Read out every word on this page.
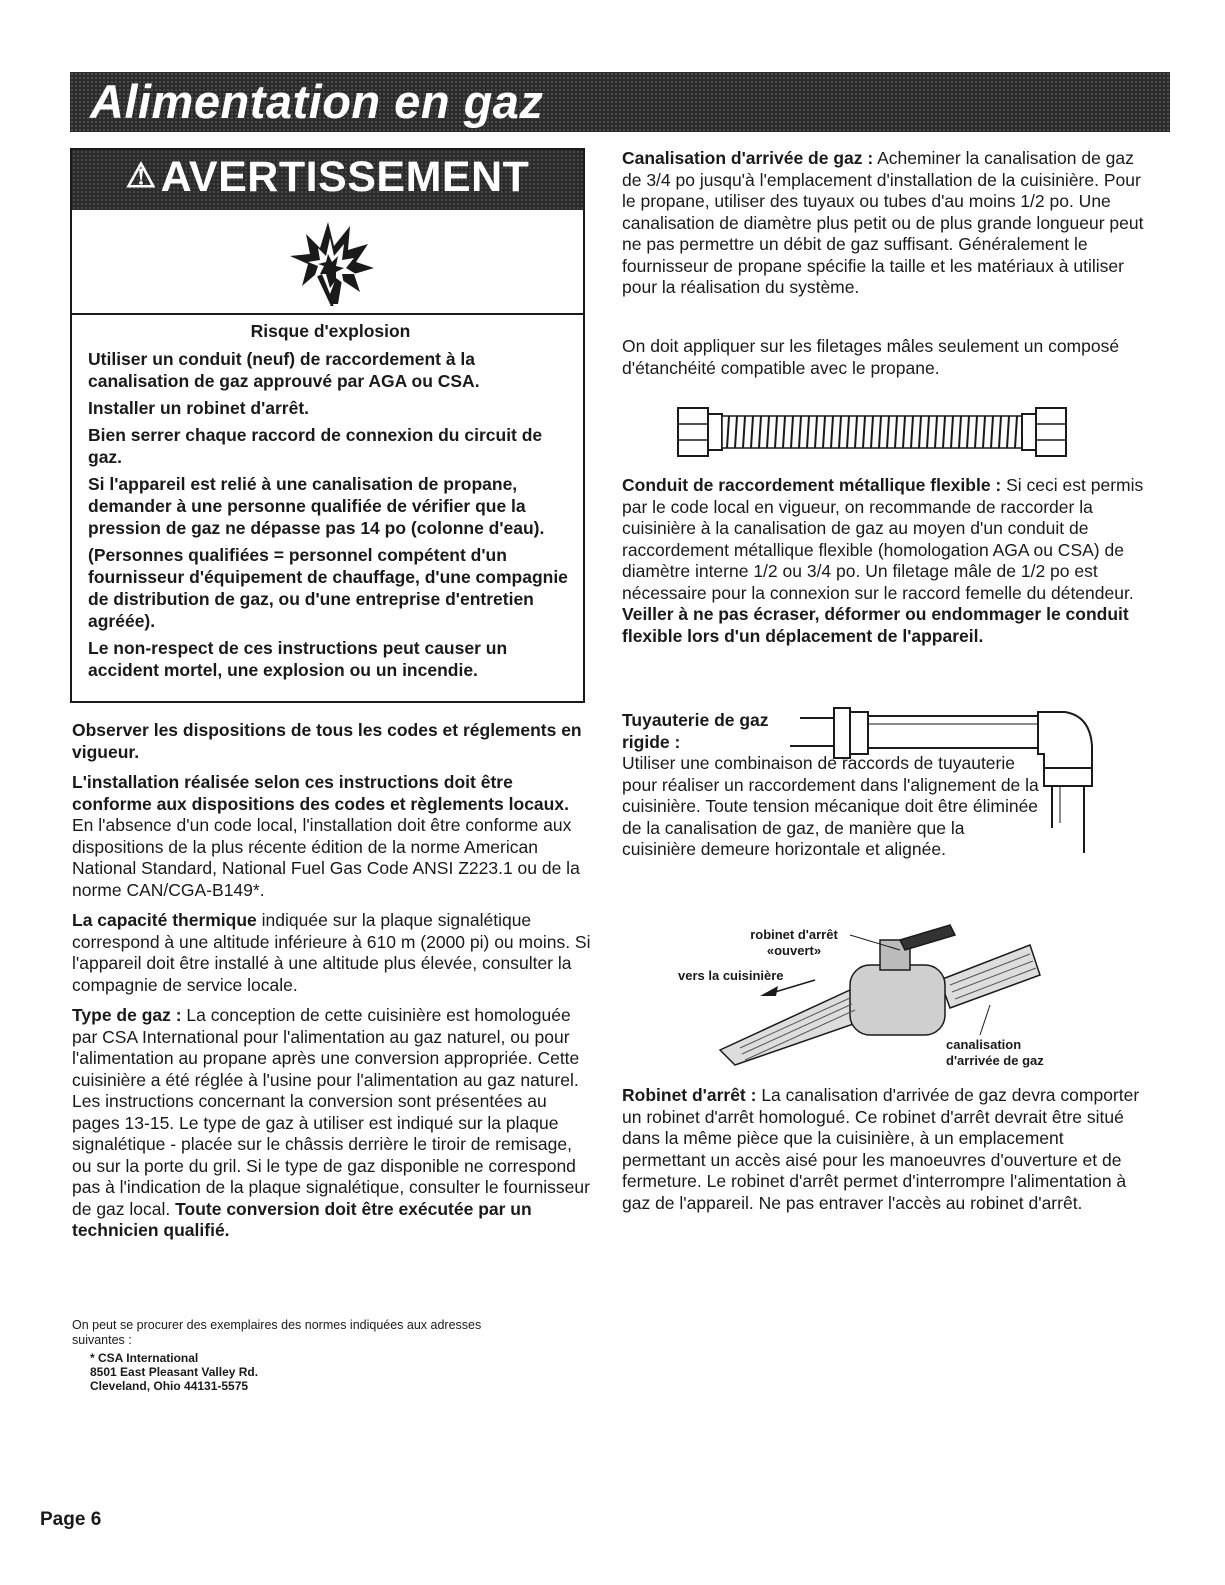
Alimentation en gaz
⚠AVERTISSEMENT

Risque d'explosion

Utiliser un conduit (neuf) de raccordement à la canalisation de gaz approuvé par AGA ou CSA.

Installer un robinet d'arrêt.

Bien serrer chaque raccord de connexion du circuit de gaz.

Si l'appareil est relié à une canalisation de propane, demander à une personne qualifiée de vérifier que la pression de gaz ne dépasse pas 14 po (colonne d'eau).

(Personnes qualifiées = personnel compétent d'un fournisseur d'équipement de chauffage, d'une compagnie de distribution de gaz, ou d'une entreprise d'entretien agréée).

Le non-respect de ces instructions peut causer un accident mortel, une explosion ou un incendie.

Observer les dispositions de tous les codes et réglements en vigueur.

L'installation réalisée selon ces instructions doit être conforme aux dispositions des codes et règlements locaux. En l'absence d'un code local, l'installation doit être conforme aux dispositions de la plus récente édition de la norme American National Standard, National Fuel Gas Code ANSI Z223.1 ou de la norme CAN/CGA-B149*.

La capacité thermique indiquée sur la plaque signalétique correspond à une altitude inférieure à 610 m (2000 pi) ou moins. Si l'appareil doit être installé à une altitude plus élevée, consulter la compagnie de service locale.

Type de gaz : La conception de cette cuisinière est homologuée par CSA International pour l'alimentation au gaz naturel, ou pour l'alimentation au propane après une conversion appropriée. Cette cuisinière a été réglée à l'usine pour l'alimentation au gaz naturel. Les instructions concernant la conversion sont présentées au pages 13-15. Le type de gaz à utiliser est indiqué sur la plaque signalétique - placée sur le châssis derrière le tiroir de remisage, ou sur la porte du gril. Si le type de gaz disponible ne correspond pas à l'indication de la plaque signalétique, consulter le fournisseur de gaz local. Toute conversion doit être exécutée par un technicien qualifié.

On peut se procurer des exemplaires des normes indiquées aux adresses suivantes :
* CSA International
8501 East Pleasant Valley Rd.
Cleveland, Ohio 44131-5575

Canalisation d'arrivée de gaz : Acheminer la canalisation de gaz de 3/4 po jusqu'à l'emplacement d'installation de la cuisinière. Pour le propane, utiliser des tuyaux ou tubes d'au moins 1/2 po. Une canalisation de diamètre plus petit ou de plus grande longueur peut ne pas permettre un débit de gaz suffisant. Généralement le fournisseur de propane spécifie la taille et les matériaux à utiliser pour la réalisation du système.

On doit appliquer sur les filetages mâles seulement un composé d'étanchéité compatible avec le propane.

Conduit de raccordement métallique flexible : Si ceci est permis par le code local en vigueur, on recommande de raccorder la cuisinière à la canalisation de gaz au moyen d'un conduit de raccordement métallique flexible (homologation AGA ou CSA) de diamètre interne 1/2 ou 3/4 po. Un filetage mâle de 1/2 po est nécessaire pour la connexion sur le raccord femelle du détendeur. Veiller à ne pas écraser, déformer ou endommager le conduit flexible lors d'un déplacement de l'appareil.

Tuyauterie de gaz rigide :
Utiliser une combinaison de raccords de tuyauterie pour réaliser un raccordement dans l'alignement de la cuisinière. Toute tension mécanique doit être éliminée de la canalisation de gaz, de manière que la cuisinière demeure horizontale et alignée.
robinet d'arrêt
«ouvert»
vers la cuisinière
canalisation
d'arrivée de gaz

Robinet d'arrêt : La canalisation d'arrivée de gaz devra comporter un robinet d'arrêt homologué. Ce robinet d'arrêt devrait être situé dans la même pièce que la cuisinière, à un emplacement permettant un accès aisé pour les manoeuvres d'ouverture et de fermeture. Le robinet d'arrêt permet d'interrompre l'alimentation à gaz de l'appareil. Ne pas entraver l'accès au robinet d'arrêt.

Page 6
